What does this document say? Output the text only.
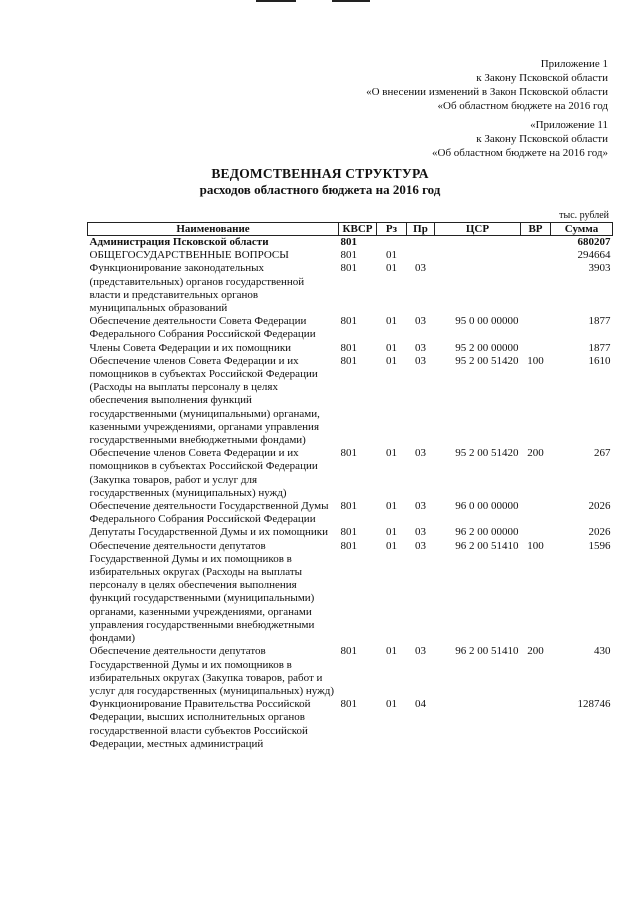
Приложение 1
к Закону Псковской области
«О внесении изменений в Закон Псковской области
«Об областном бюджете на 2016 год
«Приложение 11
к Закону Псковской области
«Об областном бюджете на 2016 год»
ВЕДОМСТВЕННАЯ СТРУКТУРА
расходов областного бюджета на 2016 год
тыс. рублей
Наименование	КВСР	Рз	Пр	ЦСР	ВР	Сумма
Администрация Псковской области	801					680207
ОБЩЕГОСУДАРСТВЕННЫЕ ВОПРОСЫ	801	01				294664
Функционирование законодательных (представительных) органов государственной власти и представительных органов муниципальных образований	801	01	03			3903
Обеспечение деятельности Совета Федерации Федерального Собрания Российской Федерации	801	01	03	95 0 00 00000		1877
Члены Совета Федерации и их помощники	801	01	03	95 2 00 00000		1877
Обеспечение членов Совета Федерации и их помощников в субъектах Российской Федерации (Расходы на выплаты персоналу в целях обеспечения выполнения функций государственными (муниципальными) органами, казенными учреждениями, органами управления государственными внебюджетными фондами)	801	01	03	95 2 00 51420	100	1610
Обеспечение членов Совета Федерации и их помощников в субъектах Российской Федерации (Закупка товаров, работ и услуг для государственных (муниципальных) нужд)	801	01	03	95 2 00 51420	200	267
Обеспечение деятельности Государственной Думы Федерального Собрания Российской Федерации	801	01	03	96 0 00 00000		2026
Депутаты Государственной Думы и их помощники	801	01	03	96 2 00 00000		2026
Обеспечение деятельности депутатов Государственной Думы и их помощников в избирательных округах (Расходы на выплаты персоналу в целях обеспечения выполнения функций государственными (муниципальными) органами, казенными учреждениями, органами управления государственными внебюджетными фондами)	801	01	03	96 2 00 51410	100	1596
Обеспечение деятельности депутатов Государственной Думы и их помощников в избирательных округах (Закупка товаров, работ и услуг для государственных (муниципальных) нужд)	801	01	03	96 2 00 51410	200	430
Функционирование Правительства Российской Федерации, высших исполнительных органов государственной власти субъектов Российской Федерации, местных администраций	801	01	04			128746
